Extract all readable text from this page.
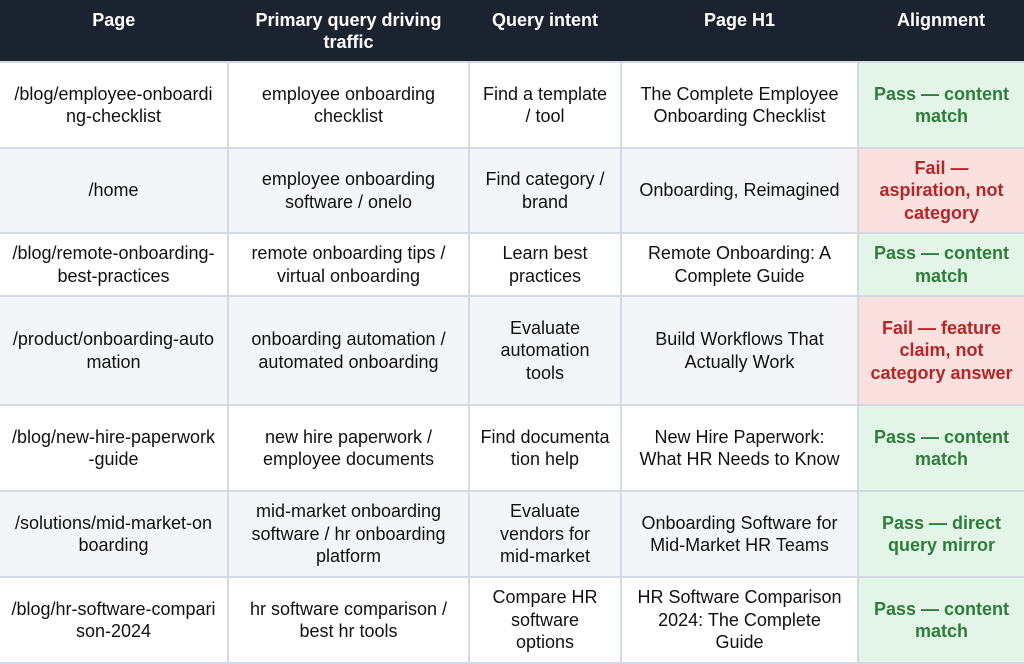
Page	Primary query driving traffic	Query intent	Page H1	Alignment
/blog/employee-onboarding-checklist	employee onboarding checklist	Find a template / tool	The Complete Employee Onboarding Checklist	Pass — content match
/home	employee onboarding software / onelo	Find category / brand	Onboarding, Reimagined	Fail — aspiration, not category
/blog/remote-onboarding-best-practices	remote onboarding tips / virtual onboarding	Learn best practices	Remote Onboarding: A Complete Guide	Pass — content match
/product/onboarding-automation	onboarding automation / automated onboarding	Evaluate automation tools	Build Workflows That Actually Work	Fail — feature claim, not category answer
/blog/new-hire-paperwork-guide	new hire paperwork / employee documents	Find documentation help	New Hire Paperwork: What HR Needs to Know	Pass — content match
/solutions/mid-market-onboarding	mid-market onboarding software / hr onboarding platform	Evaluate vendors for mid-market	Onboarding Software for Mid-Market HR Teams	Pass — direct query mirror
/blog/hr-software-comparison-2024	hr software comparison / best hr tools	Compare HR software options	HR Software Comparison 2024: The Complete Guide	Pass — content match
